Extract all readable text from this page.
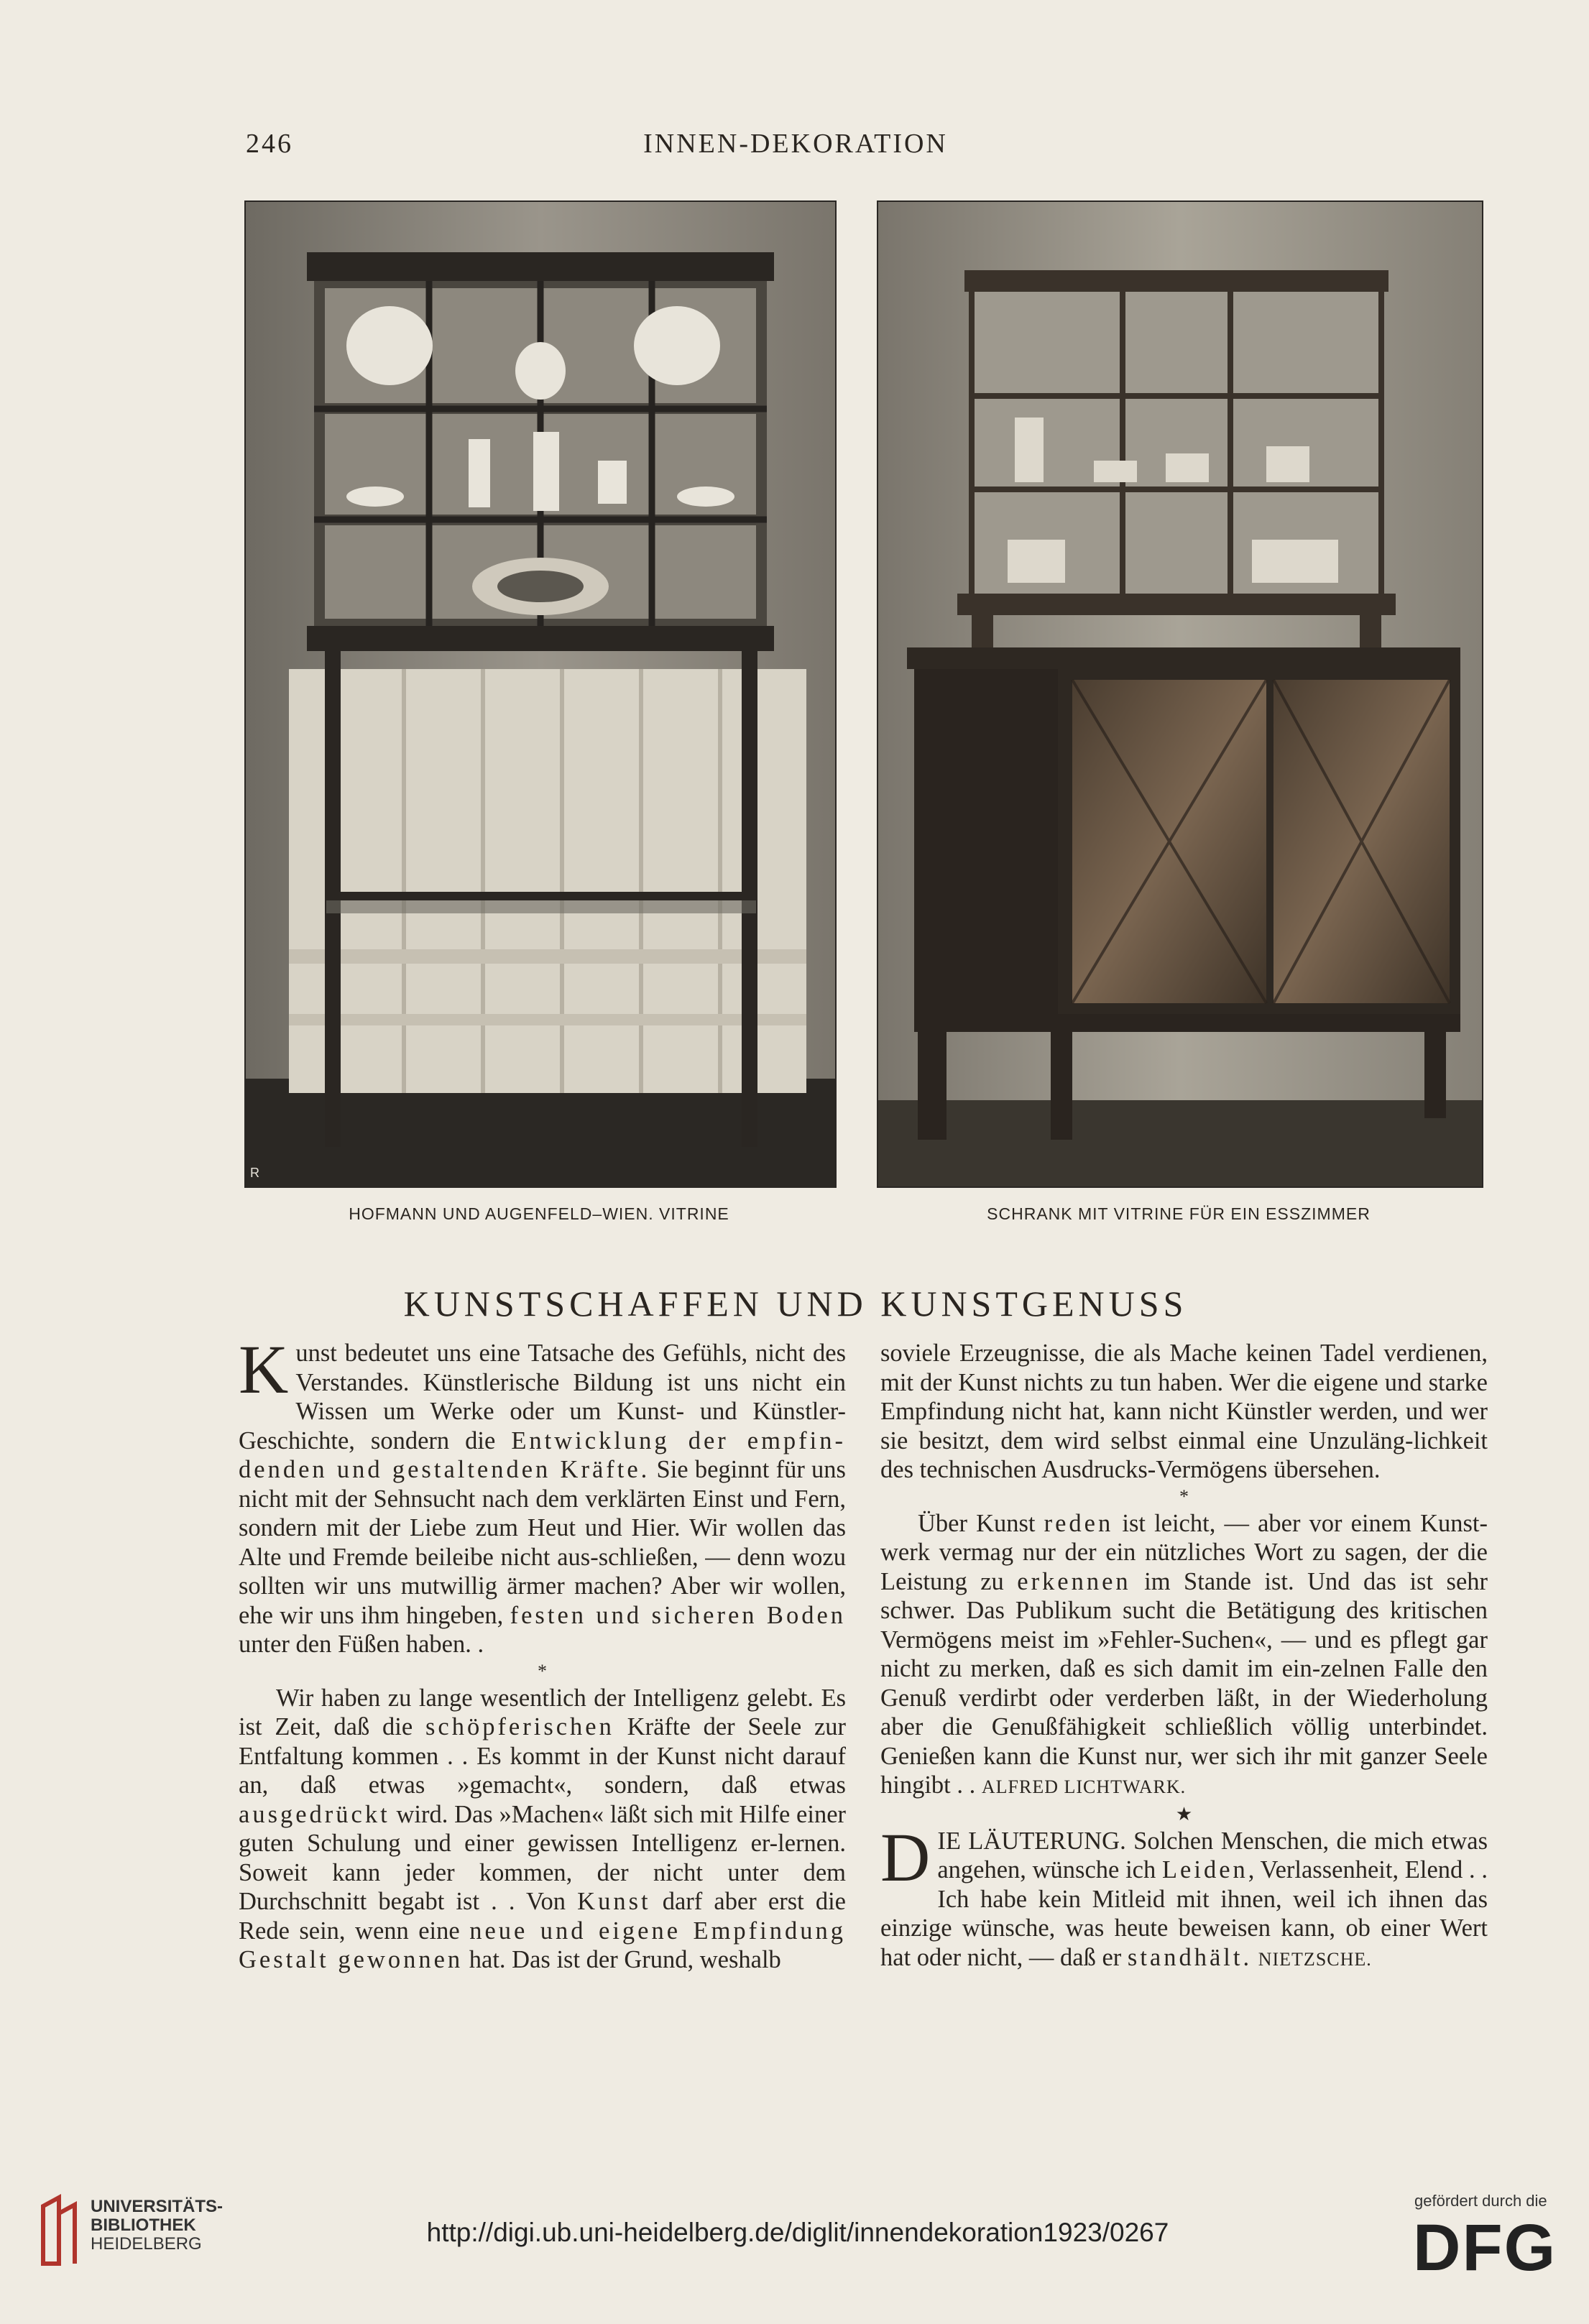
246	INNEN-DEKORATION
R
HOFMANN UND AUGENFELD–WIEN. VITRINE	SCHRANK MIT VITRINE FÜR EIN ESSZIMMER
KUNSTSCHAFFEN UND KUNSTGENUSS

Kunst bedeutet uns eine Tatsache des Gefühls, nicht des Verstandes. Künstlerische Bildung ist uns nicht ein Wissen um Werke oder um Kunst- und Künstler-Geschichte, sondern die Entwicklung der empfin-denden und gestaltenden Kräfte. Sie beginnt für uns nicht mit der Sehnsucht nach dem verklärten Einst und Fern, sondern mit der Liebe zum Heut und Hier. Wir wollen das Alte und Fremde beileibe nicht aus-schließen, — denn wozu sollten wir uns mutwillig ärmer machen? Aber wir wollen, ehe wir uns ihm hingeben, festen und sicheren Boden unter den Füßen haben. .

*

Wir haben zu lange wesentlich der Intelligenz gelebt. Es ist Zeit, daß die schöpferischen Kräfte der Seele zur Entfaltung kommen . . Es kommt in der Kunst nicht darauf an, daß etwas »gemacht«, sondern, daß etwas ausgedrückt wird. Das »Machen« läßt sich mit Hilfe einer guten Schulung und einer gewissen Intelligenz er-lernen. Soweit kann jeder kommen, der nicht unter dem Durchschnitt begabt ist . . Von Kunst darf aber erst die Rede sein, wenn eine neue und eigene Empfindung Gestalt gewonnen hat. Das ist der Grund, weshalb

soviele Erzeugnisse, die als Mache keinen Tadel verdienen, mit der Kunst nichts zu tun haben. Wer die eigene und starke Empfindung nicht hat, kann nicht Künstler werden, und wer sie besitzt, dem wird selbst einmal eine Unzuläng-lichkeit des technischen Ausdrucks-Vermögens übersehen.

*

Über Kunst reden ist leicht, — aber vor einem Kunst-werk vermag nur der ein nützliches Wort zu sagen, der die Leistung zu erkennen im Stande ist. Und das ist sehr schwer. Das Publikum sucht die Betätigung des kritischen Vermögens meist im »Fehler-Suchen«, — und es pflegt gar nicht zu merken, daß es sich damit im ein-zelnen Falle den Genuß verdirbt oder verderben läßt, in der Wiederholung aber die Genußfähigkeit schließlich völlig unterbindet. Genießen kann die Kunst nur, wer sich ihr mit ganzer Seele hingibt . . ALFRED LICHTWARK.

★

DIE LÄUTERUNG. Solchen Menschen, die mich etwas angehen, wünsche ich Leiden, Verlassenheit, Elend . . Ich habe kein Mitleid mit ihnen, weil ich ihnen das einzige wünsche, was heute beweisen kann, ob einer Wert hat oder nicht, — daß er standhält. NIETZSCHE.

UNIVERSITÄTS-
BIBLIOTHEK
HEIDELBERG	http://digi.ub.uni-heidelberg.de/diglit/innendekoration1923/0267
gefördert durch die
DFG
